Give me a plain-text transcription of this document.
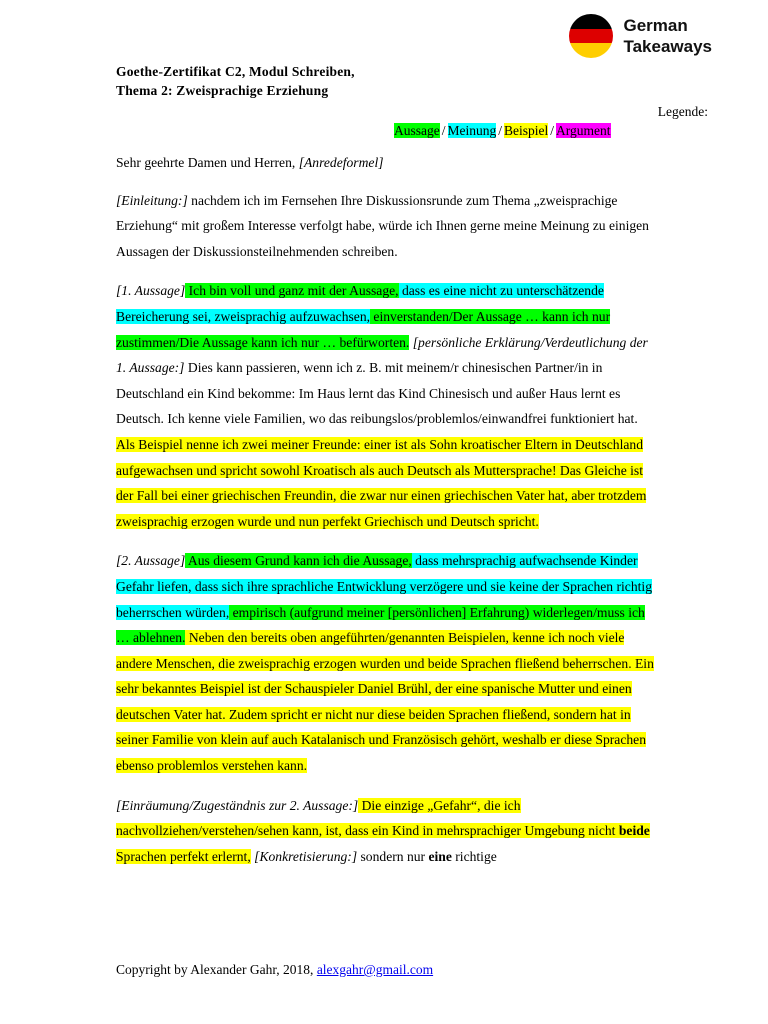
German
Takeaways
Goethe-Zertifikat C2, Modul Schreiben,
Thema 2: Zweisprachige Erziehung
Legende:
Aussage / Meinung / Beispiel / Argument

Sehr geehrte Damen und Herren, [Anredeformel]

[Einleitung:] nachdem ich im Fernsehen Ihre Diskussionsrunde zum Thema „zweisprachige Erziehung“ mit großem Interesse verfolgt habe, würde ich Ihnen gerne meine Meinung zu einigen Aussagen der Diskussionsteilnehmenden schreiben.

[1. Aussage] Ich bin voll und ganz mit der Aussage, dass es eine nicht zu unterschätzende Bereicherung sei, zweisprachig aufzuwachsen, einverstanden/Der Aussage … kann ich nur zustimmen/Die Aussage kann ich nur … befürworten. [persönliche Erklärung/Verdeutlichung der 1. Aussage:] Dies kann passieren, wenn ich z. B. mit meinem/r chinesischen Partner/in in Deutschland ein Kind bekomme: Im Haus lernt das Kind Chinesisch und außer Haus lernt es Deutsch. Ich kenne viele Familien, wo das reibungslos/problemlos/einwandfrei funktioniert hat. Als Beispiel nenne ich zwei meiner Freunde: einer ist als Sohn kroatischer Eltern in Deutschland aufgewachsen und spricht sowohl Kroatisch als auch Deutsch als Muttersprache! Das Gleiche ist der Fall bei einer griechischen Freundin, die zwar nur einen griechischen Vater hat, aber trotzdem zweisprachig erzogen wurde und nun perfekt Griechisch und Deutsch spricht.

[2. Aussage] Aus diesem Grund kann ich die Aussage, dass mehrsprachig aufwachsende Kinder Gefahr liefen, dass sich ihre sprachliche Entwicklung verzögere und sie keine der Sprachen richtig beherrschen würden, empirisch (aufgrund meiner [persönlichen] Erfahrung) widerlegen/muss ich … ablehnen. Neben den bereits oben angeführten/genannten Beispielen, kenne ich noch viele andere Menschen, die zweisprachig erzogen wurden und beide Sprachen fließend beherrschen. Ein sehr bekanntes Beispiel ist der Schauspieler Daniel Brühl, der eine spanische Mutter und einen deutschen Vater hat. Zudem spricht er nicht nur diese beiden Sprachen fließend, sondern hat in seiner Familie von klein auf auch Katalanisch und Französisch gehört, weshalb er diese Sprachen ebenso problemlos verstehen kann.

[Einräumung/Zugeständnis zur 2. Aussage:] Die einzige „Gefahr“, die ich nachvollziehen/verstehen/sehen kann, ist, dass ein Kind in mehrsprachiger Umgebung nicht beide Sprachen perfekt erlernt, [Konkretisierung:] sondern nur eine richtige

Copyright by Alexander Gahr, 2018, alexgahr@gmail.com
